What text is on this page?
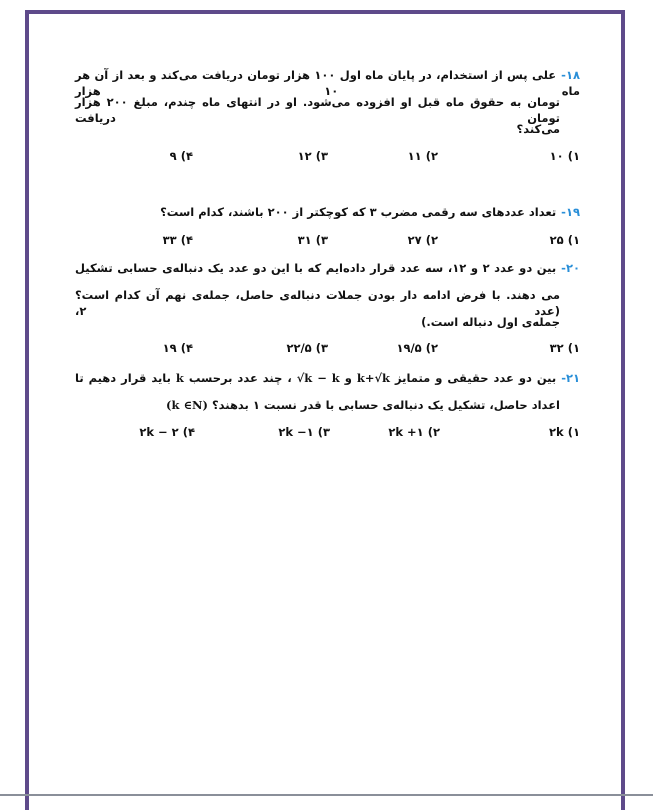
۱۸-علی پس از استخدام، در پایان ماه اول ۱۰۰ هزار تومان دریافت می‌کند و بعد از آن هر ماه ۱۰ هزار
تومان به حقوق ماه قبل او افزوده می‌شود. او در انتهای ماه چندم، مبلغ ۲۰۰ هزار تومان دریافت
می‌کند؟
۱) ۱۰
۲) ۱۱
۳) ۱۲
۴) ۹
۱۹-تعداد عددهای سه رقمی مضرب ۳ که کوچکتر از ۲۰۰ باشند، کدام است؟
۱) ۲۵
۲) ۲۷
۳) ۳۱
۴) ۳۳
۲۰-بین دو عدد ۲ و ۱۲، سه عدد قرار داده‌ایم که با این دو عدد یک دنباله‌ی حسابی تشکیل
می دهند. با فرض ادامه دار بودن جملات دنباله‌ی حاصل، جمله‌ی نهم آن کدام است؟ (عدد ۲،
جمله‌ی اول دنباله است.)
۱) ۳۲
۲) ۱۹/۵
۳) ۲۲/۵
۴) ۱۹
۲۱-بین دو عدد حقیقی و متمایز k+√k و √k − k ، چند عدد برحسب k باید قرار دهیم تا
اعداد حاصل، تشکیل یک دنباله‌ی حسابی با قدر نسبت ۱ بدهند؟ (k ∈N)
۱) ۲k
۲) ۲k +۱
۳) ۲k −۱
۴) ۲k − ۲
